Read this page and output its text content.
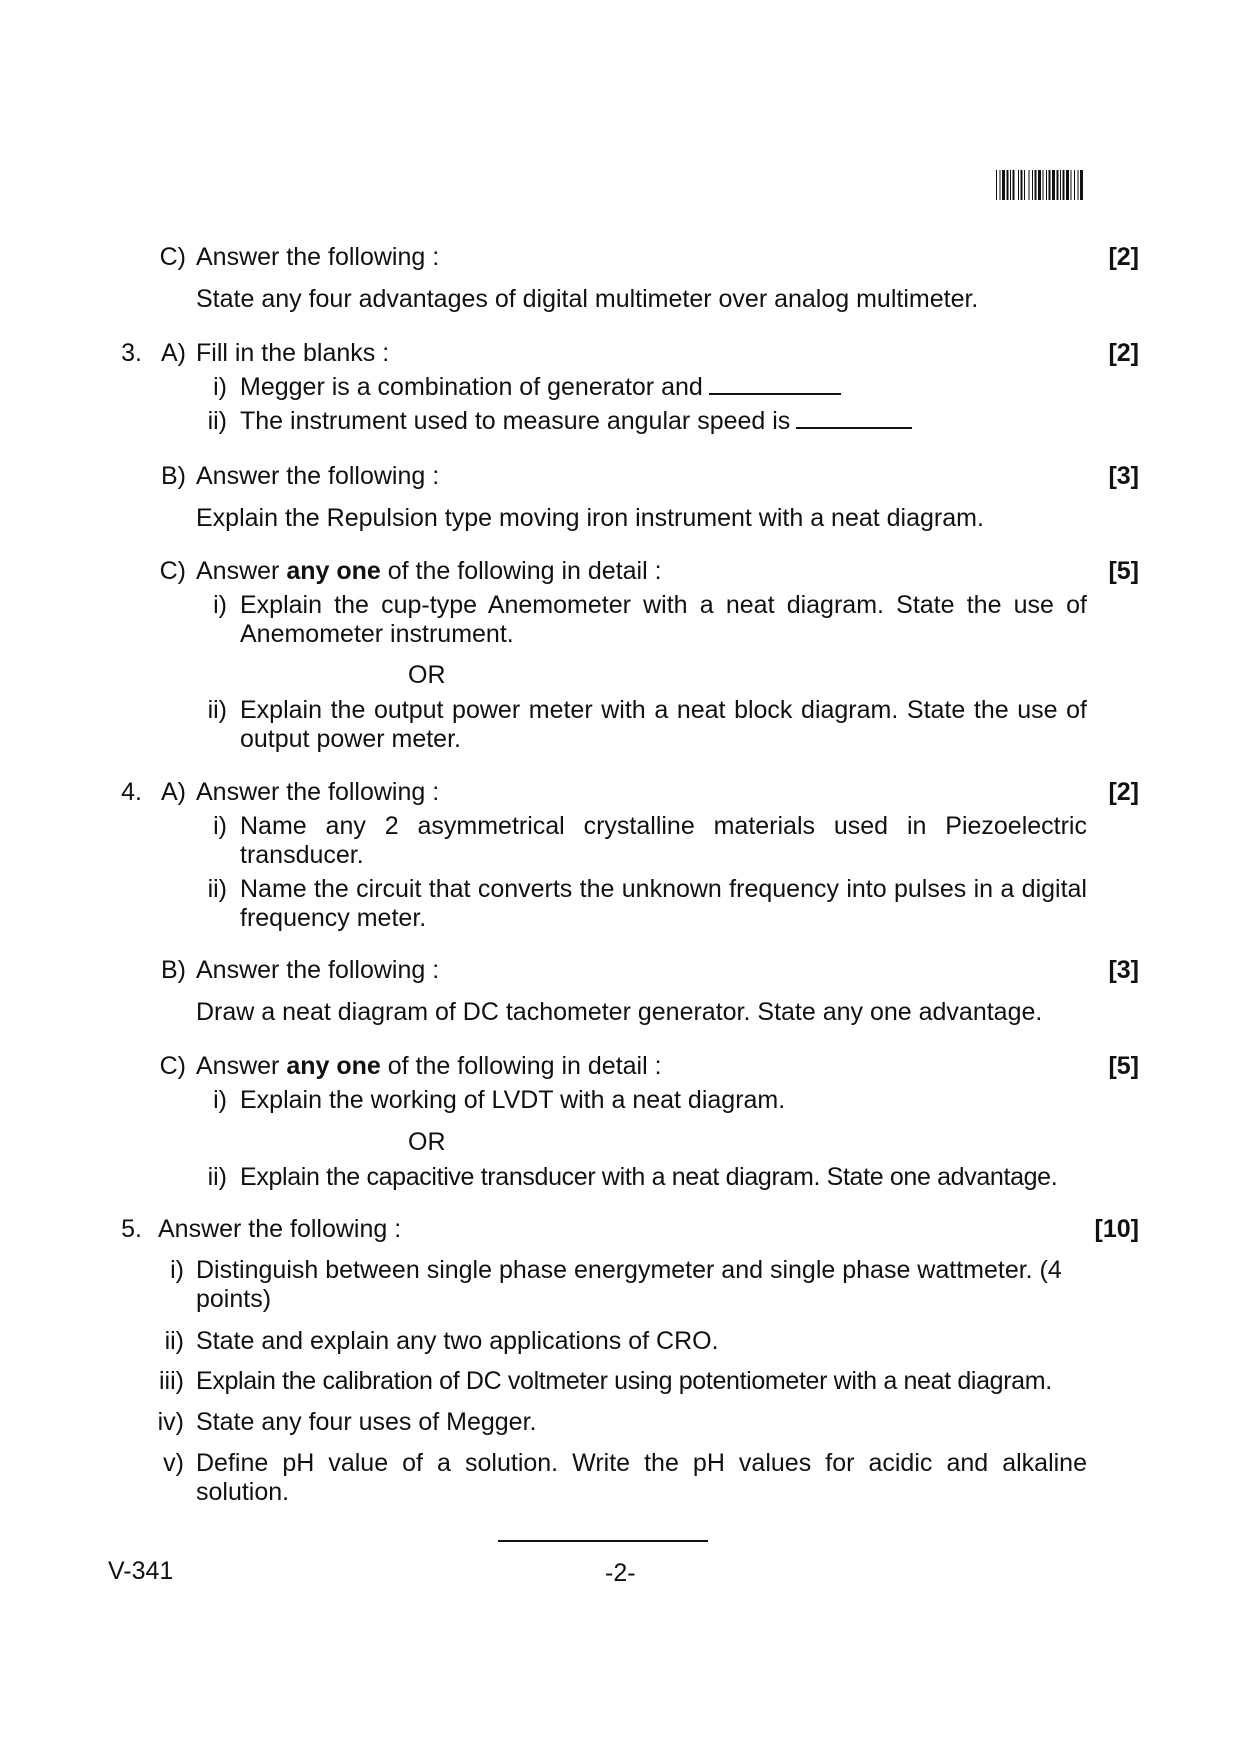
C) Answer the following :	[2]
State any four advantages of digital multimeter over analog multimeter.
3. A) Fill in the blanks :	[2]
i) Megger is a combination of generator and
ii) The instrument used to measure angular speed is
B) Answer the following :	[3]
Explain the Repulsion type moving iron instrument with a neat diagram.
C) Answer any one of the following in detail :	[5]
i) Explain the cup-type Anemometer with a neat diagram. State the use of Anemometer instrument.
OR
ii) Explain the output power meter with a neat block diagram. State the use of output power meter.
4. A) Answer the following :	[2]
i) Name any 2 asymmetrical crystalline materials used in Piezoelectric transducer.
ii) Name the circuit that converts the unknown frequency into pulses in a digital frequency meter.
B) Answer the following :	[3]
Draw a neat diagram of DC tachometer generator. State any one advantage.
C) Answer any one of the following in detail :	[5]
i) Explain the working of LVDT with a neat diagram.
OR
ii) Explain the capacitive transducer with a neat diagram. State one advantage.
5. Answer the following :	[10]
i) Distinguish between single phase energymeter and single phase wattmeter. (4 points)
ii) State and explain any two applications of CRO.
iii) Explain the calibration of DC voltmeter using potentiometer with a neat diagram.
iv) State any four uses of Megger.
v) Define pH value of a solution. Write the pH values for acidic and alkaline solution.
V-341	-2-
